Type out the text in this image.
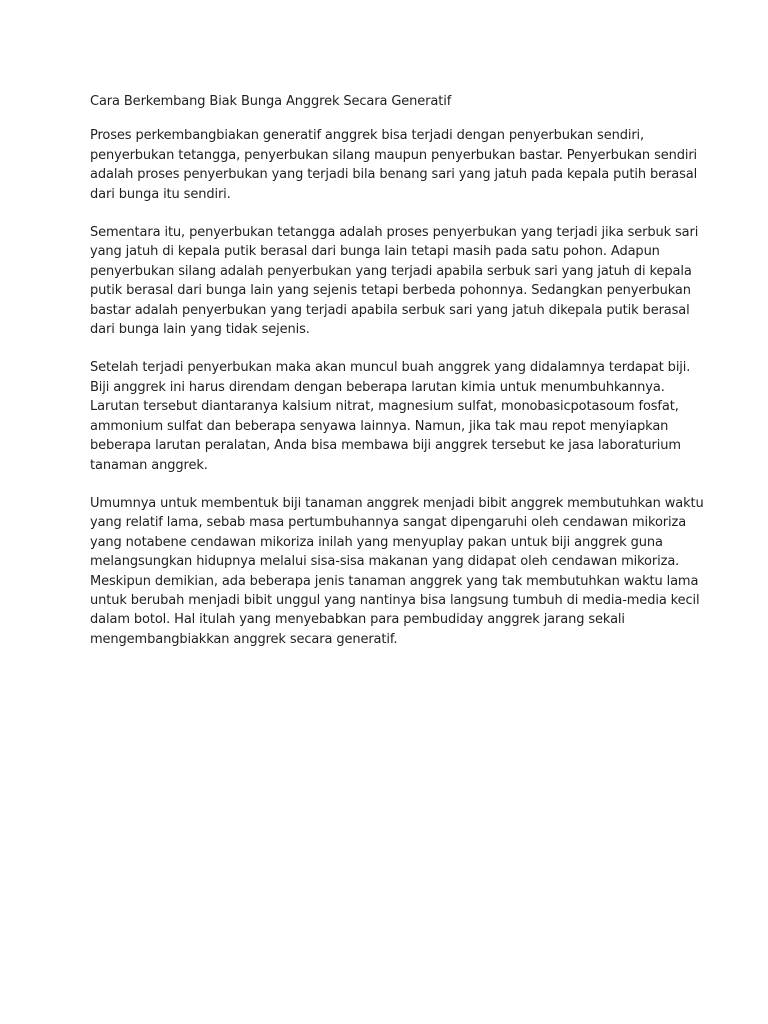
Cara Berkembang Biak Bunga Anggrek Secara Generatif
Proses perkembangbiakan generatif anggrek bisa terjadi dengan penyerbukan sendiri,
penyerbukan tetangga, penyerbukan silang maupun penyerbukan bastar. Penyerbukan sendiri
adalah proses penyerbukan yang terjadi bila benang sari yang jatuh pada kepala putih berasal
dari bunga itu sendiri.
Sementara itu, penyerbukan tetangga adalah proses penyerbukan yang terjadi jika serbuk sari
yang jatuh di kepala putik berasal dari bunga lain tetapi masih pada satu pohon. Adapun
penyerbukan silang adalah penyerbukan yang terjadi apabila serbuk sari yang jatuh di kepala
putik berasal dari bunga lain yang sejenis tetapi berbeda pohonnya. Sedangkan penyerbukan
bastar adalah penyerbukan yang terjadi apabila serbuk sari yang jatuh dikepala putik berasal
dari bunga lain yang tidak sejenis.
Setelah terjadi penyerbukan maka akan muncul buah anggrek yang didalamnya terdapat biji.
Biji anggrek ini harus direndam dengan beberapa larutan kimia untuk menumbuhkannya.
Larutan tersebut diantaranya kalsium nitrat, magnesium sulfat, monobasicpotasoum fosfat,
ammonium sulfat dan beberapa senyawa lainnya. Namun, jika tak mau repot menyiapkan
beberapa larutan peralatan, Anda bisa membawa biji anggrek tersebut ke jasa laboraturium
tanaman anggrek.
Umumnya untuk membentuk biji tanaman anggrek menjadi bibit anggrek membutuhkan waktu
yang relatif lama, sebab masa pertumbuhannya sangat dipengaruhi oleh cendawan mikoriza
yang notabene cendawan mikoriza inilah yang menyuplay pakan untuk biji anggrek guna
melangsungkan hidupnya melalui sisa-sisa makanan yang didapat oleh cendawan mikoriza.
Meskipun demikian, ada beberapa jenis tanaman anggrek yang tak membutuhkan waktu lama
untuk berubah menjadi bibit unggul yang nantinya bisa langsung tumbuh di media-media kecil
dalam botol. Hal itulah yang menyebabkan para pembudiday anggrek jarang sekali
mengembangbiakkan anggrek secara generatif.
